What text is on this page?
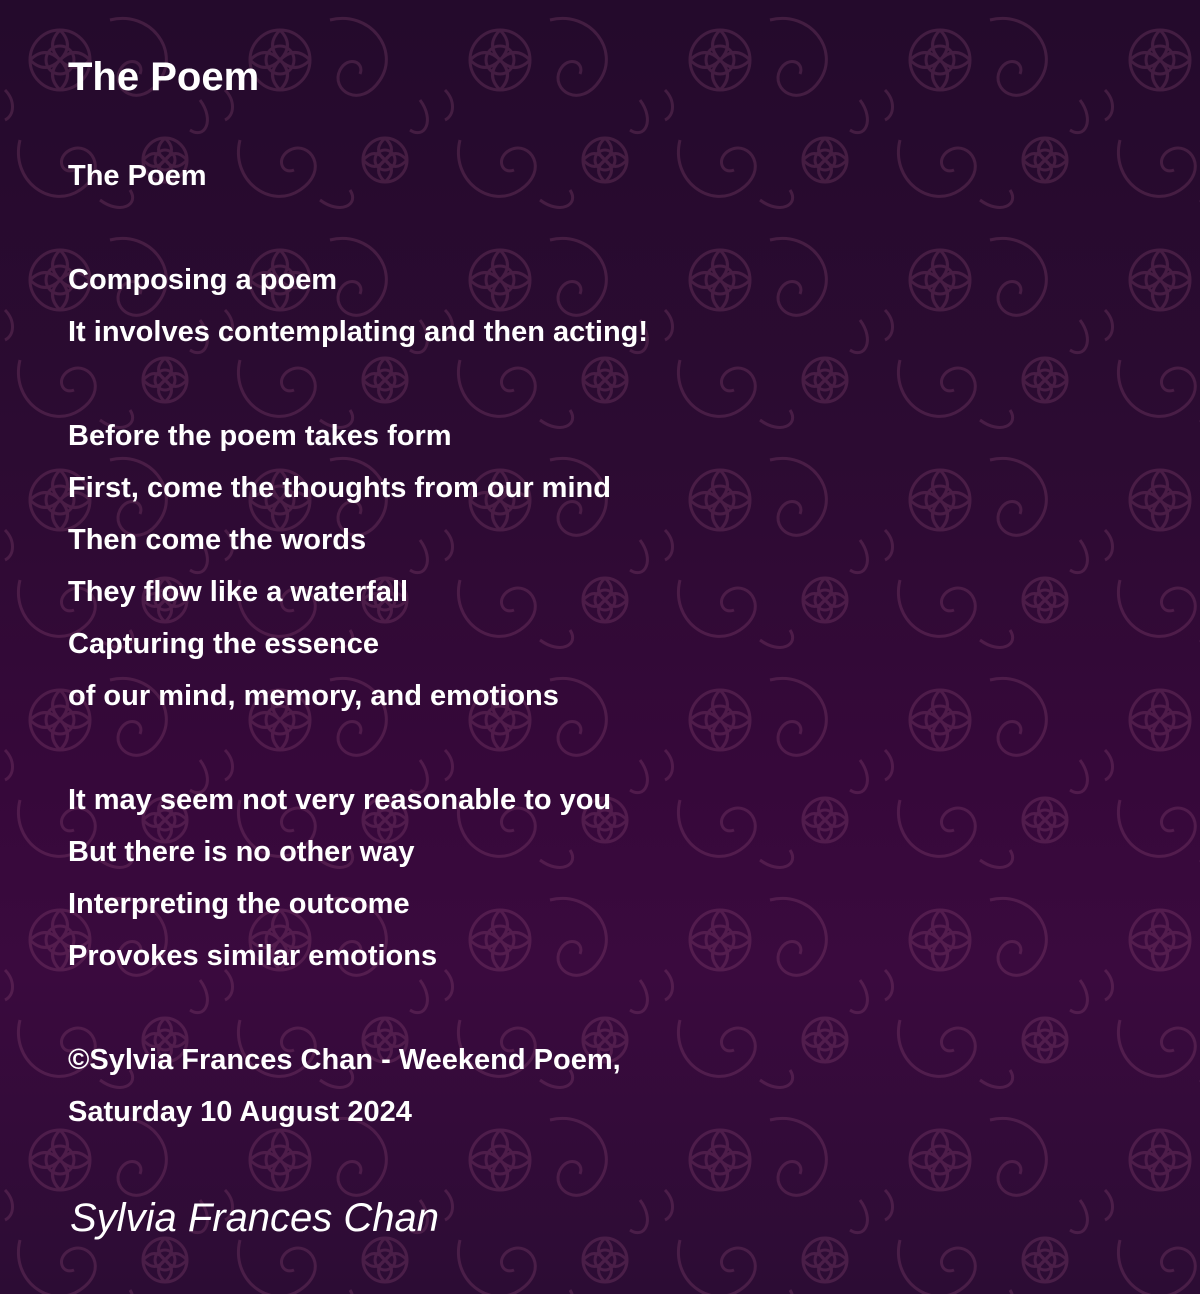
The Poem
The Poem
Composing a poem
It involves contemplating and then acting!
Before the poem takes form
First, come the thoughts from our mind
Then come the words
They flow like a waterfall
Capturing the essence
of our mind, memory, and emotions
It may seem not very reasonable to you
But there is no other way
Interpreting the outcome
Provokes similar emotions
©Sylvia Frances Chan - Weekend Poem,
Saturday 10 August 2024
Sylvia Frances Chan
